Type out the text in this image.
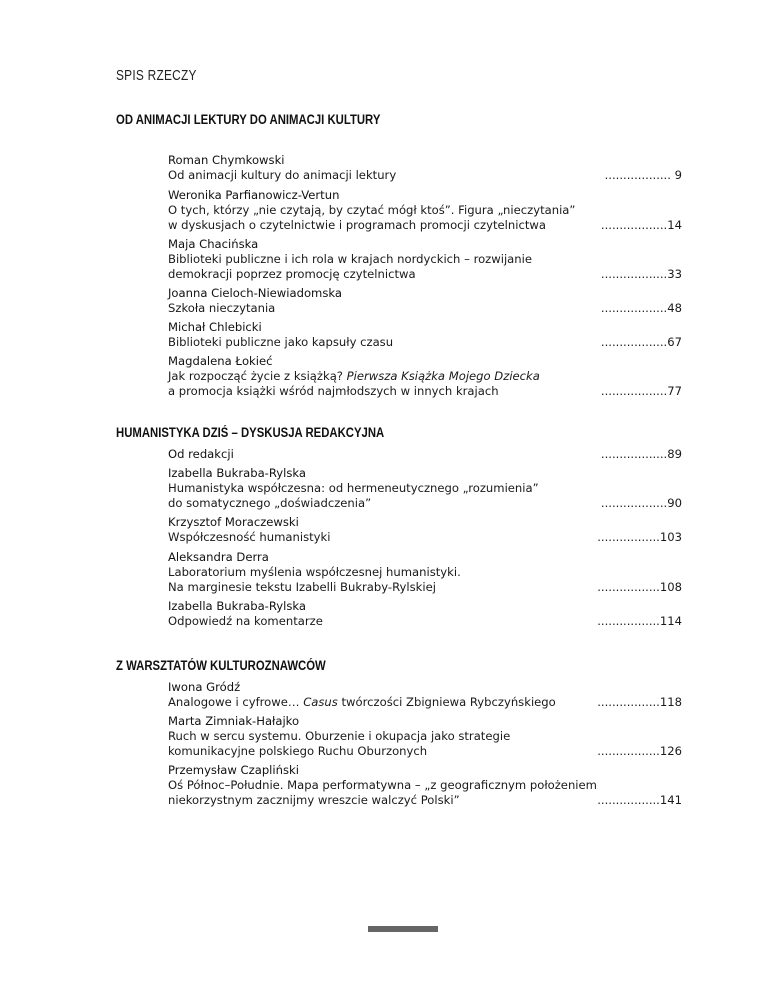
SPIS RZECZY
OD ANIMACJI LEKTURY DO ANIMACJI KULTURY
Roman Chymkowski
Od animacji kultury do animacji lektury	.................. 9
Weronika Parfianowicz-Vertun
O tych, którzy „nie czytają, by czytać mógł ktoś”. Figura „nieczytania”
w dyskusjach o czytelnictwie i programach promocji czytelnictwa	..................14
Maja Chacińska
Biblioteki publiczne i ich rola w krajach nordyckich – rozwijanie
demokracji poprzez promocję czytelnictwa	..................33
Joanna Cieloch-Niewiadomska
Szkoła nieczytania	..................48
Michał Chlebicki
Biblioteki publiczne jako kapsuły czasu	..................67
Magdalena Łokieć
Jak rozpocząć życie z książką? Pierwsza Książka Mojego Dziecka
a promocja książki wśród najmłodszych w innych krajach	..................77
HUMANISTYKA DZIŚ – DYSKUSJA REDAKCYJNA
Od redakcji	..................89
Izabella Bukraba-Rylska
Humanistyka współczesna: od hermeneutycznego „rozumienia”
do somatycznego „doświadczenia”	..................90
Krzysztof Moraczewski
Współczesność humanistyki	.................103
Aleksandra Derra
Laboratorium myślenia współczesnej humanistyki.
Na marginesie tekstu Izabelli Bukraby-Rylskiej	.................108
Izabella Bukraba-Rylska
Odpowiedź na komentarze	.................114
Z WARSZTATÓW KULTUROZNAWCÓW
Iwona Gródź
Analogowe i cyfrowe… Casus twórczości Zbigniewa Rybczyńskiego	.................118
Marta Zimniak-Hałajko
Ruch w sercu systemu. Oburzenie i okupacja jako strategie
komunikacyjne polskiego Ruchu Oburzonych	.................126
Przemysław Czapliński
Oś Północ–Południe. Mapa performatywna – „z geograficznym położeniem
niekorzystnym zacznijmy wreszcie walczyć Polski”	.................141
